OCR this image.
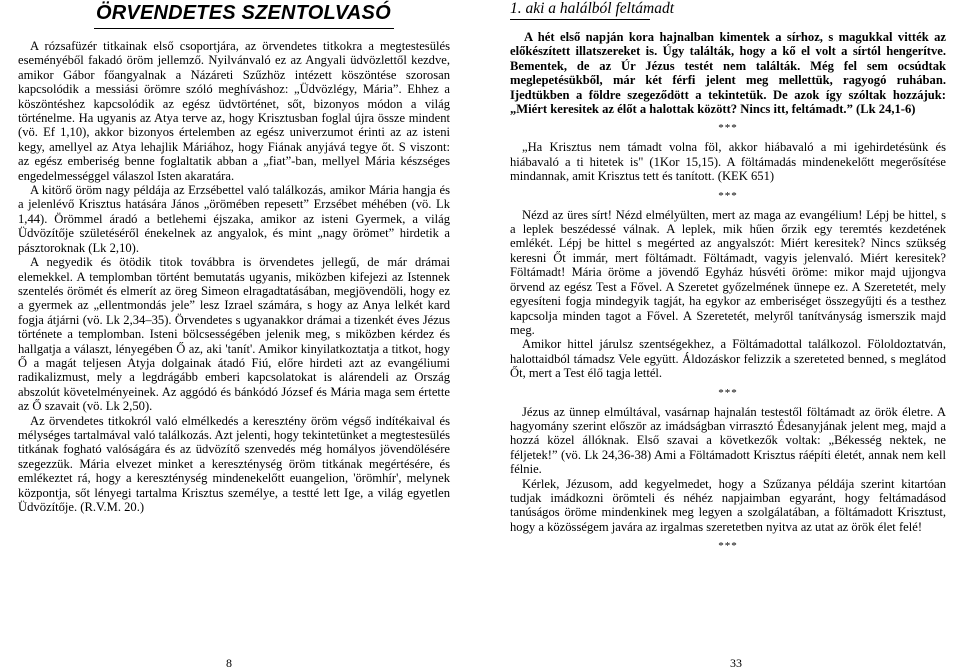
ÖRVENDETES SZENTOLVASÓ

A rózsafüzér titkainak első csoportjára, az örvendetes titkokra a megtestesülés eseményéből fakadó öröm jellemző. Nyilvánvaló ez az Angyali üdvözlettől kezdve, amikor Gábor főangyalnak a Názáreti Szűzhöz intézett köszöntése szorosan kapcsolódik a messiási örömre szóló meghíváshoz: „Üdvözlégy, Mária”. Ehhez a köszöntéshez kapcsolódik az egész üdvtörténet, sőt, bizonyos módon a világ történelme. Ha ugyanis az Atya terve az, hogy Krisztusban foglal újra össze mindent (vö. Ef 1,10), akkor bizonyos értelemben az egész univerzumot érinti az az isteni kegy, amellyel az Atya lehajlik Máriához, hogy Fiának anyjává tegye őt. S viszont: az egész emberiség benne foglaltatik abban a „fiat”-ban, mellyel Mária készséges engedelmességgel válaszol Isten akaratára.

A kitörő öröm nagy példája az Erzsébettel való találkozás, amikor Mária hangja és a jelenlévő Krisztus hatására János „örömében repesett” Erzsébet méhében (vö. Lk 1,44). Örömmel áradó a betlehemi éjszaka, amikor az isteni Gyermek, a világ Üdvözítője születéséről énekelnek az angyalok, és mint „nagy örömet” hirdetik a pásztoroknak (Lk 2,10).

A negyedik és ötödik titok továbbra is örvendetes jellegű, de már drámai elemekkel. A templomban történt bemutatás ugyanis, miközben kifejezi az Istennek szentelés örömét és elmerít az öreg Simeon elragadtatásában, megjövendöli, hogy ez a gyermek az „ellentmondás jele” lesz Izrael számára, s hogy az Anya lelkét kard fogja átjárni (vö. Lk 2,34–35). Örvendetes s ugyanakkor drámai a tizenkét éves Jézus története a templomban. Isteni bölcsességében jelenik meg, s miközben kérdez és hallgatja a választ, lényegében Ő az, aki 'tanít'. Amikor kinyilatkoztatja a titkot, hogy Ő a magát teljesen Atyja dolgainak átadó Fiú, előre hirdeti azt az evangéliumi radikalizmust, mely a legdrágább emberi kapcsolatokat is alárendeli az Ország abszolút követelményeinek. Az aggódó és bánkódó József és Mária maga sem értette az Ő szavait (vö. Lk 2,50).

Az örvendetes titkokról való elmélkedés a keresztény öröm végső indítékaival és mélységes tartalmával való találkozás. Azt jelenti, hogy tekintetünket a megtestesülés titkának fogható valóságára és az üdvözítő szenvedés még homályos jövendölésére szegezzük. Mária elvezet minket a kereszténység öröm titkának megértésére, és emlékeztet rá, hogy a kereszténység mindenekelőtt euangelion, 'örömhír', melynek központja, sőt lényegi tartalma Krisztus személye, a testté lett Ige, a világ egyetlen Üdvözítője. (R.V.M. 20.)

1. aki a halálból feltámadt

A hét első napján kora hajnalban kimentek a sírhoz, s magukkal vitték az előkészített illatszereket is. Úgy találták, hogy a kő el volt a sírtól hengerítve. Bementek, de az Úr Jézus testét nem találták. Még fel sem ocsúdtak meglepetésükből, már két férfi jelent meg mellettük, ragyogó ruhában. Ijedtükben a földre szegeződött a tekintetük. De azok így szóltak hozzájuk: „Miért keresitek az élőt a halottak között? Nincs itt, feltámadt.” (Lk 24,1-6)

***

„Ha Krisztus nem támadt volna föl, akkor hiábavaló a mi igehirdetésünk és hiábavaló a ti hitetek is" (1Kor 15,15). A föltámadás mindenekelőtt megerősítése mindannak, amit Krisztus tett és tanított. (KEK 651)

***

Nézd az üres sírt! Nézd elmélyülten, mert az maga az evangélium! Lépj be hittel, s a leplek beszédessé válnak. A leplek, mik hűen őrzik egy teremtés kezdetének emlékét. Lépj be hittel s megérted az angyalszót: Miért keresitek? Nincs szükség keresni Őt immár, mert föltámadt. Föltámadt, vagyis jelenvaló. Miért keresitek? Föltámadt! Mária öröme a jövendő Egyház húsvéti öröme: mikor majd ujjongva örvend az egész Test a Fővel. A Szeretet győzelmének ünnepe ez. A Szeretetét, mely egyesíteni fogja mindegyik tagját, ha egykor az emberiséget összegyűjti és a testhez kapcsolja minden tagot a Fővel. A Szeretetét, melyről tanítványság ismerszik majd meg.

Amikor hittel járulsz szentségekhez, a Föltámadottal találkozol. Föloldoztatván, halottaidból támadsz Vele együtt. Áldozáskor felizzik a szereteted benned, s meglátod Őt, mert a Test élő tagja lettél.

***

Jézus az ünnep elmúltával, vasárnap hajnalán testestől föltámadt az örök életre. A hagyomány szerint először az imádságban virrasztó Édesanyjának jelent meg, majd a hozzá közel állóknak. Első szavai a következők voltak: „Békesség nektek, ne féljetek!” (vö. Lk 24,36-38) Ami a Föltámadott Krisztus ráépíti életét, annak nem kell félnie.

Kérlek, Jézusom, add kegyelmedet, hogy a Szűzanya példája szerint kitartóan tudjak imádkozni örömteli és néhéz napjaimban egyaránt, hogy feltámadásod tanúságos öröme mindenkinek meg legyen a szolgálatában, a föltámadott Krisztust, hogy a közösségem javára az irgalmas szeretetben nyitva az utat az örök élet felé!

***
8	33
